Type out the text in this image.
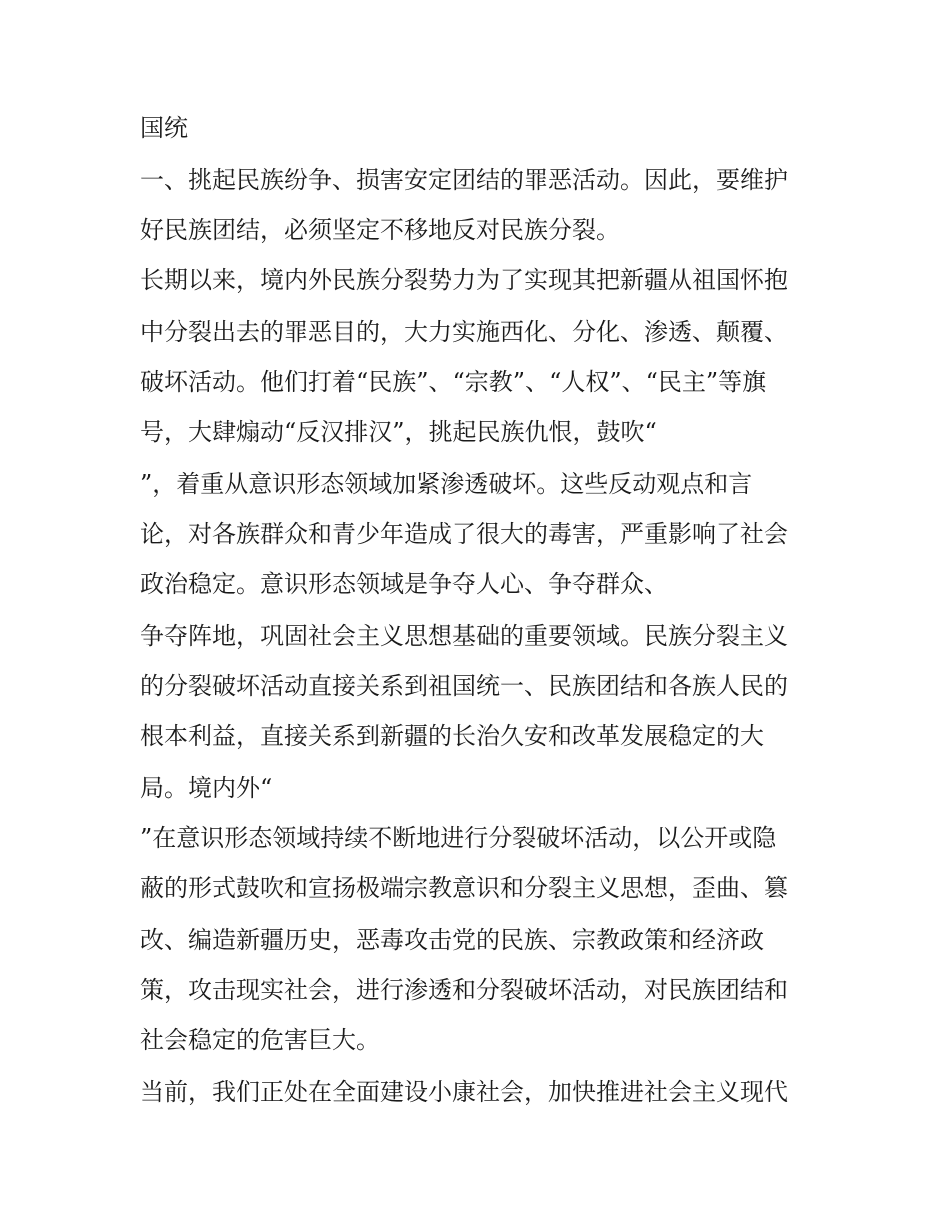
国统
一、挑起民族纷争、损害安定团结的罪恶活动。因此，要维护
好民族团结，必须坚定不移地反对民族分裂。
长期以来，境内外民族分裂势力为了实现其把新疆从祖国怀抱
中分裂出去的罪恶目的，大力实施西化、分化、渗透、颠覆、
破坏活动。他们打着“民族”、“宗教”、“人权”、“民主”等旗
号，大肆煽动“反汉排汉”，挑起民族仇恨，鼓吹“
”，着重从意识形态领域加紧渗透破坏。这些反动观点和言
论，对各族群众和青少年造成了很大的毒害，严重影响了社会
政治稳定。意识形态领域是争夺人心、争夺群众、
争夺阵地，巩固社会主义思想基础的重要领域。民族分裂主义
的分裂破坏活动直接关系到祖国统一、民族团结和各族人民的
根本利益，直接关系到新疆的长治久安和改革发展稳定的大
局。境内外“
”在意识形态领域持续不断地进行分裂破坏活动，以公开或隐
蔽的形式鼓吹和宣扬极端宗教意识和分裂主义思想，歪曲、篡
改、编造新疆历史，恶毒攻击党的民族、宗教政策和经济政
策，攻击现实社会，进行渗透和分裂破坏活动，对民族团结和
社会稳定的危害巨大。
当前，我们正处在全面建设小康社会，加快推进社会主义现代
